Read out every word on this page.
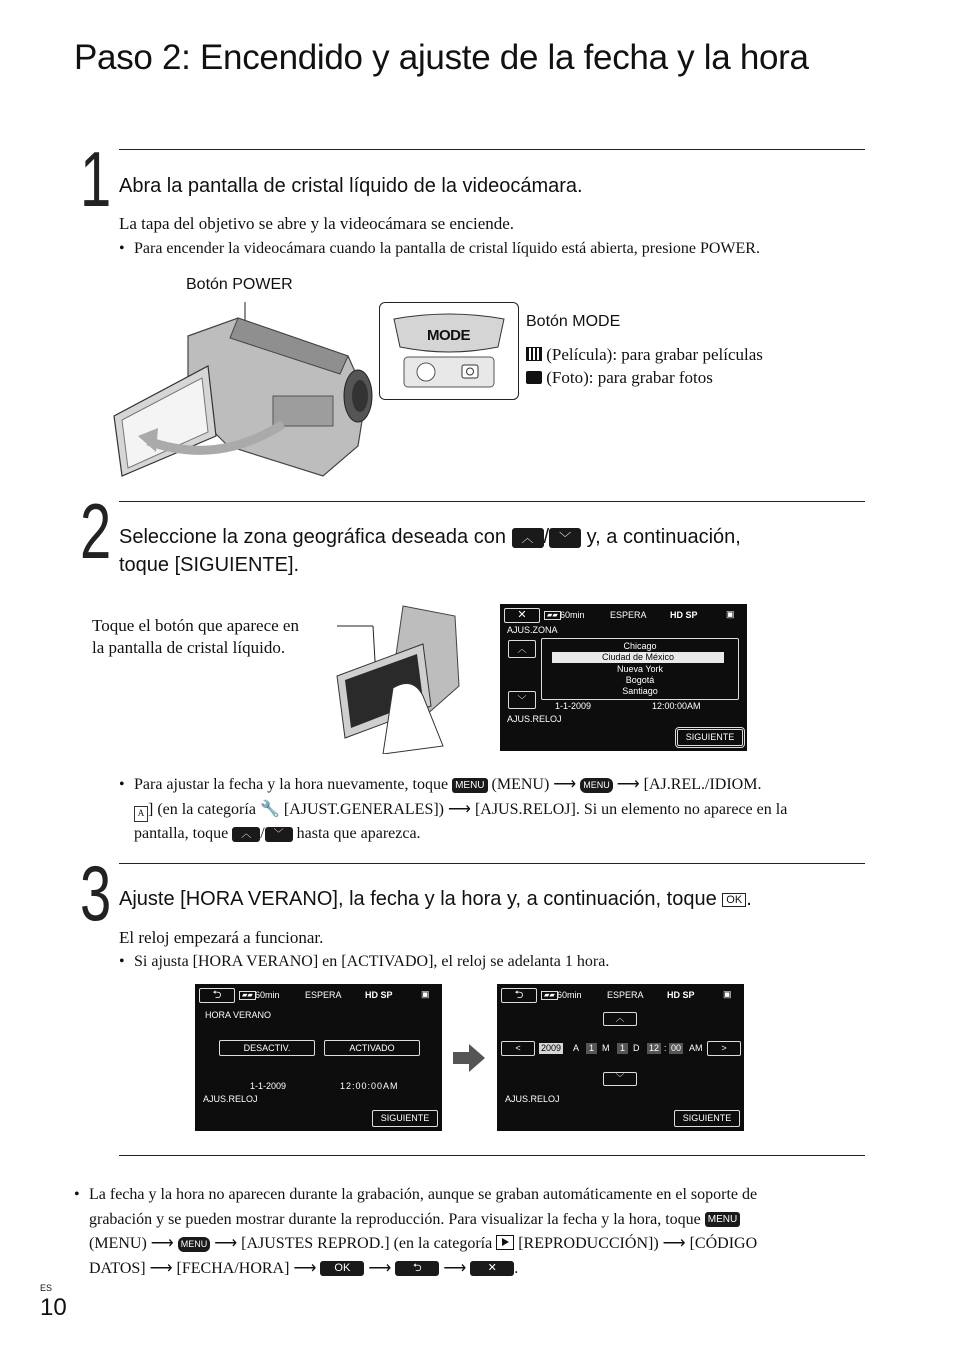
Paso 2: Encendido y ajuste de la fecha y la hora
1 Abra la pantalla de cristal líquido de la videocámara.
La tapa del objetivo se abre y la videocámara se enciende.
• Para encender la videocámara cuando la pantalla de cristal líquido está abierta, presione POWER.
Botón POWER
MODE
Botón MODE
(Película): para grabar películas
(Foto): para grabar fotos
2 Seleccione la zona geográfica deseada con ︿ / ﹀ y, a continuación,
toque [SIGUIENTE].
Toque el botón que aparece en
la pantalla de cristal líquido.
✕	▰▰ 60min	ESPERA	HD SP	▣
AJUS.ZONA
︿
﹀
Chicago
Ciudad de México
Nueva York
Bogotá
Santiago
1-1-2009	12:00:00AM
AJUS.RELOJ
SIGUIENTE
• Para ajustar la fecha y la hora nuevamente, toque MENU (MENU) ⟶ MENU ⟶ [AJ.REL./IDIOM.
A ] (en la categoría 🔧 [AJUST.GENERALES]) ⟶ [AJUS.RELOJ]. Si un elemento no aparece en la
pantalla, toque ︿ / ﹀ hasta que aparezca.
3 Ajuste [HORA VERANO], la fecha y la hora y, a continuación, toque OK .
El reloj empezará a funcionar.
• Si ajusta [HORA VERANO] en [ACTIVADO], el reloj se adelanta 1 hora.
⮌	▰▰ 60min	ESPERA	HD SP	▣
HORA VERANO
DESACTIV.	ACTIVADO
1-1-2009	12:00:00AM
AJUS.RELOJ
SIGUIENTE
⮌	▰▰ 60min	ESPERA	HD SP	▣
︿
<	2009 A	1 M	1 D 12 : 00 AM	>
﹀
AJUS.RELOJ
SIGUIENTE
• La fecha y la hora no aparecen durante la grabación, aunque se graban automáticamente en el soporte de
grabación y se pueden mostrar durante la reproducción. Para visualizar la fecha y la hora, toque MENU
(MENU) ⟶ MENU ⟶ [AJUSTES REPROD.] (en la categoría [REPRODUCCIÓN]) ⟶ [CÓDIGO
DATOS] ⟶ [FECHA/HORA] ⟶ OK ⟶ ⮌ ⟶ ✕ .
ES
10
